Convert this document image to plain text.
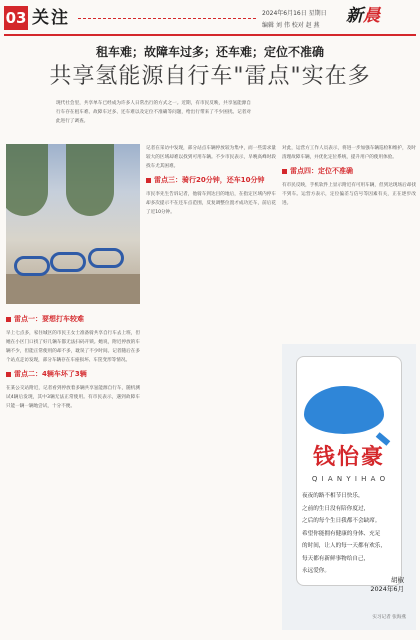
03 关注	2024年6月16日 星期日
编辑 刘 伟 校对 赵 燕 新晨
租车难；故障车过多；还车难；定位不准确
共享氢能源自行车"雷点"实在多
现代社会里，共享单车已经成为许多人日常出行的方式之一。近期，有市民反映，共享氢能源自行车存在租车难、故障车过多、还车难以及定位不准确等问题，给出行带来了不少困扰。记者对此进行了调查。
雷点一：要想打车较难
早上七点多，家住城区的市民王女士准备骑共享自行车去上班，但她在小区门口找了好几辆车都无法扫码开锁。她说，附近停放的车辆不少，但能正常使用的却不多，耽误了不少时间。记者随后在多个站点走访发现，部分车辆存在车座损坏、车筐变形等情况。
雷点二：4辆车坏了3辆
在某公交站附近，记者看到停放着多辆共享氢能源自行车，随机测试4辆后发现，其中3辆无法正常使用。有市民表示，遇到故障车只能一辆一辆地尝试，十分不便。
记者在采访中发现，部分站点车辆停放较为集中，而一些需求量较大的区域却难以找到可用车辆。不少市民表示，早晚高峰时段找车尤其困难。
雷点三：骑行20分钟，还车10分钟
市民李先生告诉记者，他骑车到达目的地后，在指定区域内停车却多次提示不在还车点范围，反复调整位置才成功还车，前后花了近10分钟。
对此，运营方工作人员表示，将进一步加强车辆巡检和维护，及时清理故障车辆，并优化定位系统，提升用户的使用体验。
雷点四：定位不准确
有市民反映，手机软件上显示附近有可用车辆，但到达现场后却找不到车。运营方表示，定位偏差与信号等因素有关，正在逐步改进。
钱怡豪
Q I A N Y I H A O
夜夜的路不相节日快乐，
之前的生日没有陪你度过，
之后的每个生日我都不会缺席。
希望你能拥有健康的身体、充足
的时间，让人的每一天都有欢乐，
每天都有新鲜事物给自己，
永远爱你。
胡椒
2024年6月
实习记者 张海燕
